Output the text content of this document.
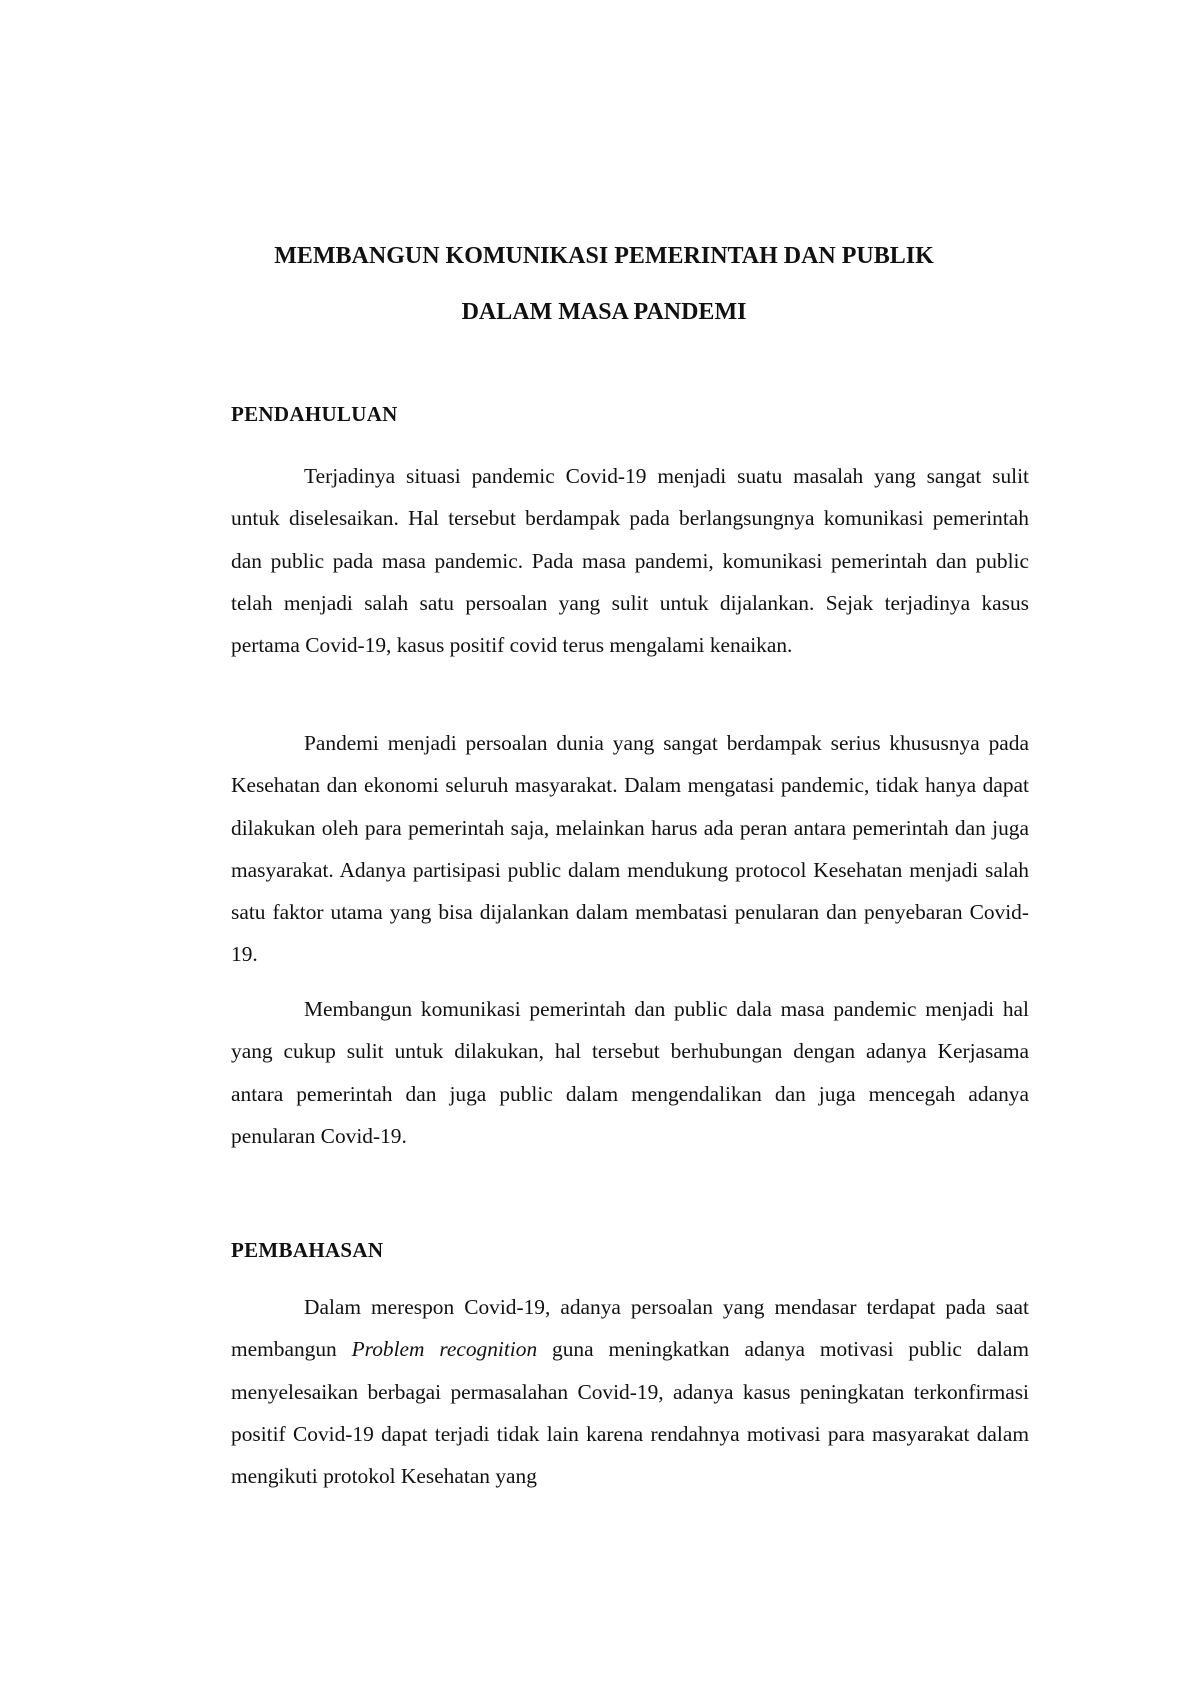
MEMBANGUN KOMUNIKASI PEMERINTAH DAN PUBLIK
DALAM MASA PANDEMI
PENDAHULUAN

Terjadinya situasi pandemic Covid-19 menjadi suatu masalah yang sangat sulit untuk diselesaikan. Hal tersebut berdampak pada berlangsungnya komunikasi pemerintah dan public pada masa pandemic. Pada masa pandemi, komunikasi pemerintah dan public telah menjadi salah satu persoalan yang sulit untuk dijalankan. Sejak terjadinya kasus pertama Covid-19, kasus positif covid terus mengalami kenaikan.

Pandemi menjadi persoalan dunia yang sangat berdampak serius khususnya pada Kesehatan dan ekonomi seluruh masyarakat. Dalam mengatasi pandemic, tidak hanya dapat dilakukan oleh para pemerintah saja, melainkan harus ada peran antara pemerintah dan juga masyarakat. Adanya partisipasi public dalam mendukung protocol Kesehatan menjadi salah satu faktor utama yang bisa dijalankan dalam membatasi penularan dan penyebaran Covid-19.

Membangun komunikasi pemerintah dan public dala masa pandemic menjadi hal yang cukup sulit untuk dilakukan, hal tersebut berhubungan dengan adanya Kerjasama antara pemerintah dan juga public dalam mengendalikan dan juga mencegah adanya penularan Covid-19.

PEMBAHASAN

Dalam merespon Covid-19, adanya persoalan yang mendasar terdapat pada saat membangun Problem recognition guna meningkatkan adanya motivasi public dalam menyelesaikan berbagai permasalahan Covid-19, adanya kasus peningkatan terkonfirmasi positif Covid-19 dapat terjadi tidak lain karena rendahnya motivasi para masyarakat dalam mengikuti protokol Kesehatan yang
